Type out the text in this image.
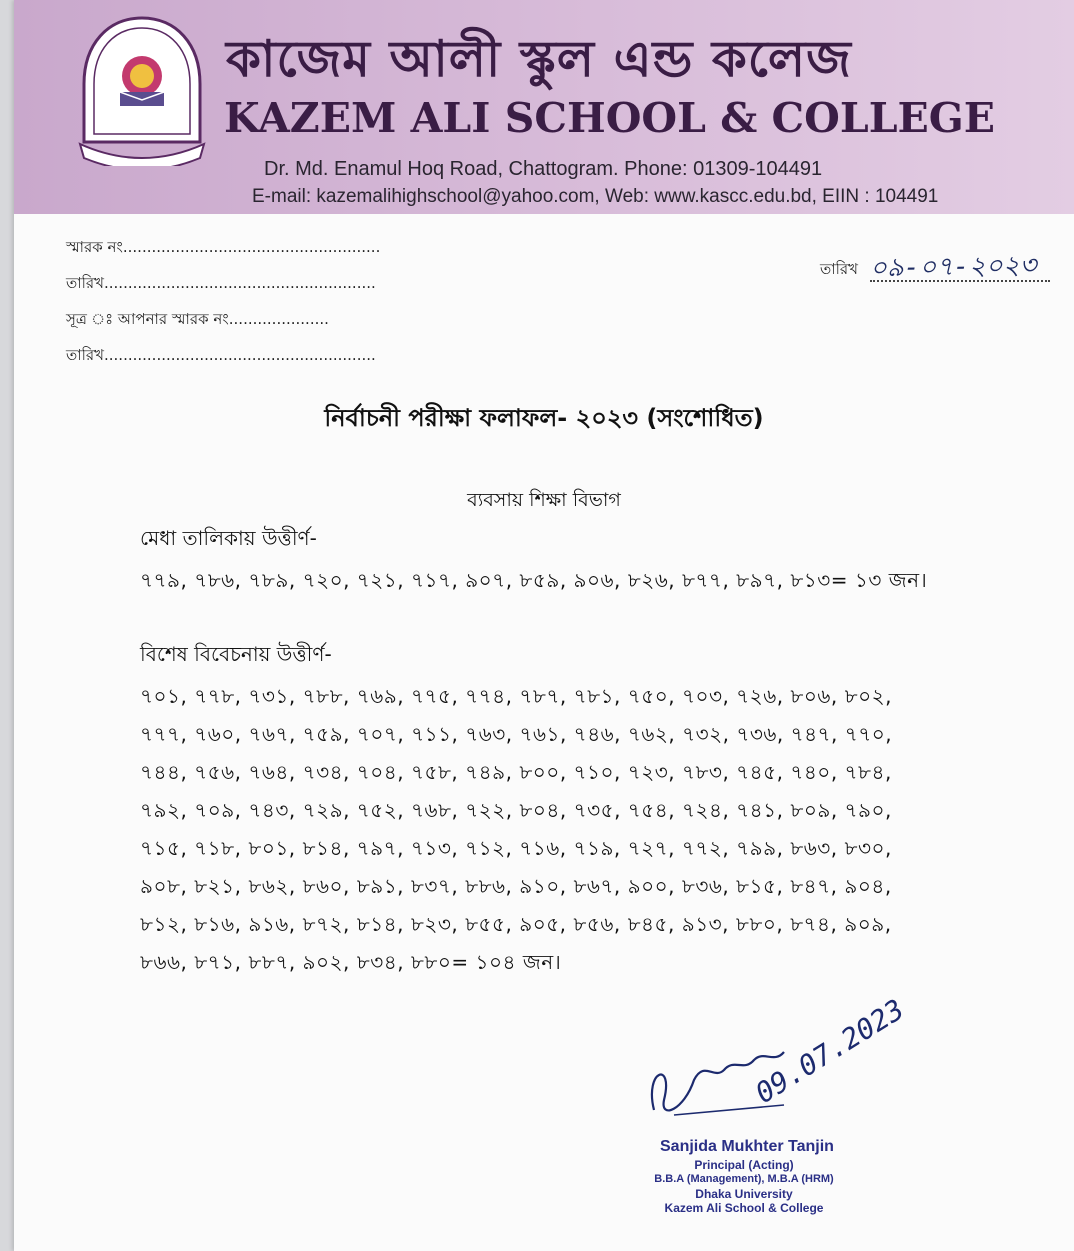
কাজেম আলী স্কুল এন্ড কলেজ
KAZEM ALI SCHOOL & COLLEGE
Dr. Md. Enamul Hoq Road, Chattogram. Phone: 01309-104491
E-mail: kazemalihighschool@yahoo.com, Web: www.kascc.edu.bd, EIIN : 104491
স্মারক নং......................................................
তারিখ.........................................................
সূত্র ঃ আপনার স্মারক নং.....................
তারিখ.........................................................
তারিখ ০৯-০৭-২০২৩
নির্বাচনী পরীক্ষা ফলাফল- ২০২৩ (সংশোধিত)
ব্যবসায় শিক্ষা বিভাগ
মেধা তালিকায় উত্তীর্ণ-
৭৭৯, ৭৮৬, ৭৮৯, ৭২০, ৭২১, ৭১৭, ৯০৭, ৮৫৯, ৯০৬, ৮২৬, ৮৭৭, ৮৯৭, ৮১৩= ১৩ জন।
বিশেষ বিবেচনায় উত্তীর্ণ-
৭০১, ৭৭৮, ৭৩১, ৭৮৮, ৭৬৯, ৭৭৫, ৭৭৪, ৭৮৭, ৭৮১, ৭৫০, ৭০৩, ৭২৬, ৮০৬, ৮০২,
৭৭৭, ৭৬০, ৭৬৭, ৭৫৯, ৭০৭, ৭১১, ৭৬৩, ৭৬১, ৭৪৬, ৭৬২, ৭৩২, ৭৩৬, ৭৪৭, ৭৭০,
৭৪৪, ৭৫৬, ৭৬৪, ৭৩৪, ৭০৪, ৭৫৮, ৭৪৯, ৮০০, ৭১০, ৭২৩, ৭৮৩, ৭৪৫, ৭৪০, ৭৮৪,
৭৯২, ৭০৯, ৭৪৩, ৭২৯, ৭৫২, ৭৬৮, ৭২২, ৮০৪, ৭৩৫, ৭৫৪, ৭২৪, ৭৪১, ৮০৯, ৭৯০,
৭১৫, ৭১৮, ৮০১, ৮১৪, ৭৯৭, ৭১৩, ৭১২, ৭১৬, ৭১৯, ৭২৭, ৭৭২, ৭৯৯, ৮৬৩, ৮৩০,
৯০৮, ৮২১, ৮৬২, ৮৬০, ৮৯১, ৮৩৭, ৮৮৬, ৯১০, ৮৬৭, ৯০০, ৮৩৬, ৮১৫, ৮৪৭, ৯০৪,
৮১২, ৮১৬, ৯১৬, ৮৭২, ৮১৪, ৮২৩, ৮৫৫, ৯০৫, ৮৫৬, ৮৪৫, ৯১৩, ৮৮০, ৮৭৪, ৯০৯,
৮৬৬, ৮৭১, ৮৮৭, ৯০২, ৮৩৪, ৮৮০= ১০৪ জন।
09.07.2023
Sanjida Mukhter Tanjin
Principal (Acting)
B.B.A (Management), M.B.A (HRM)
Dhaka University
Kazem Ali School & College
